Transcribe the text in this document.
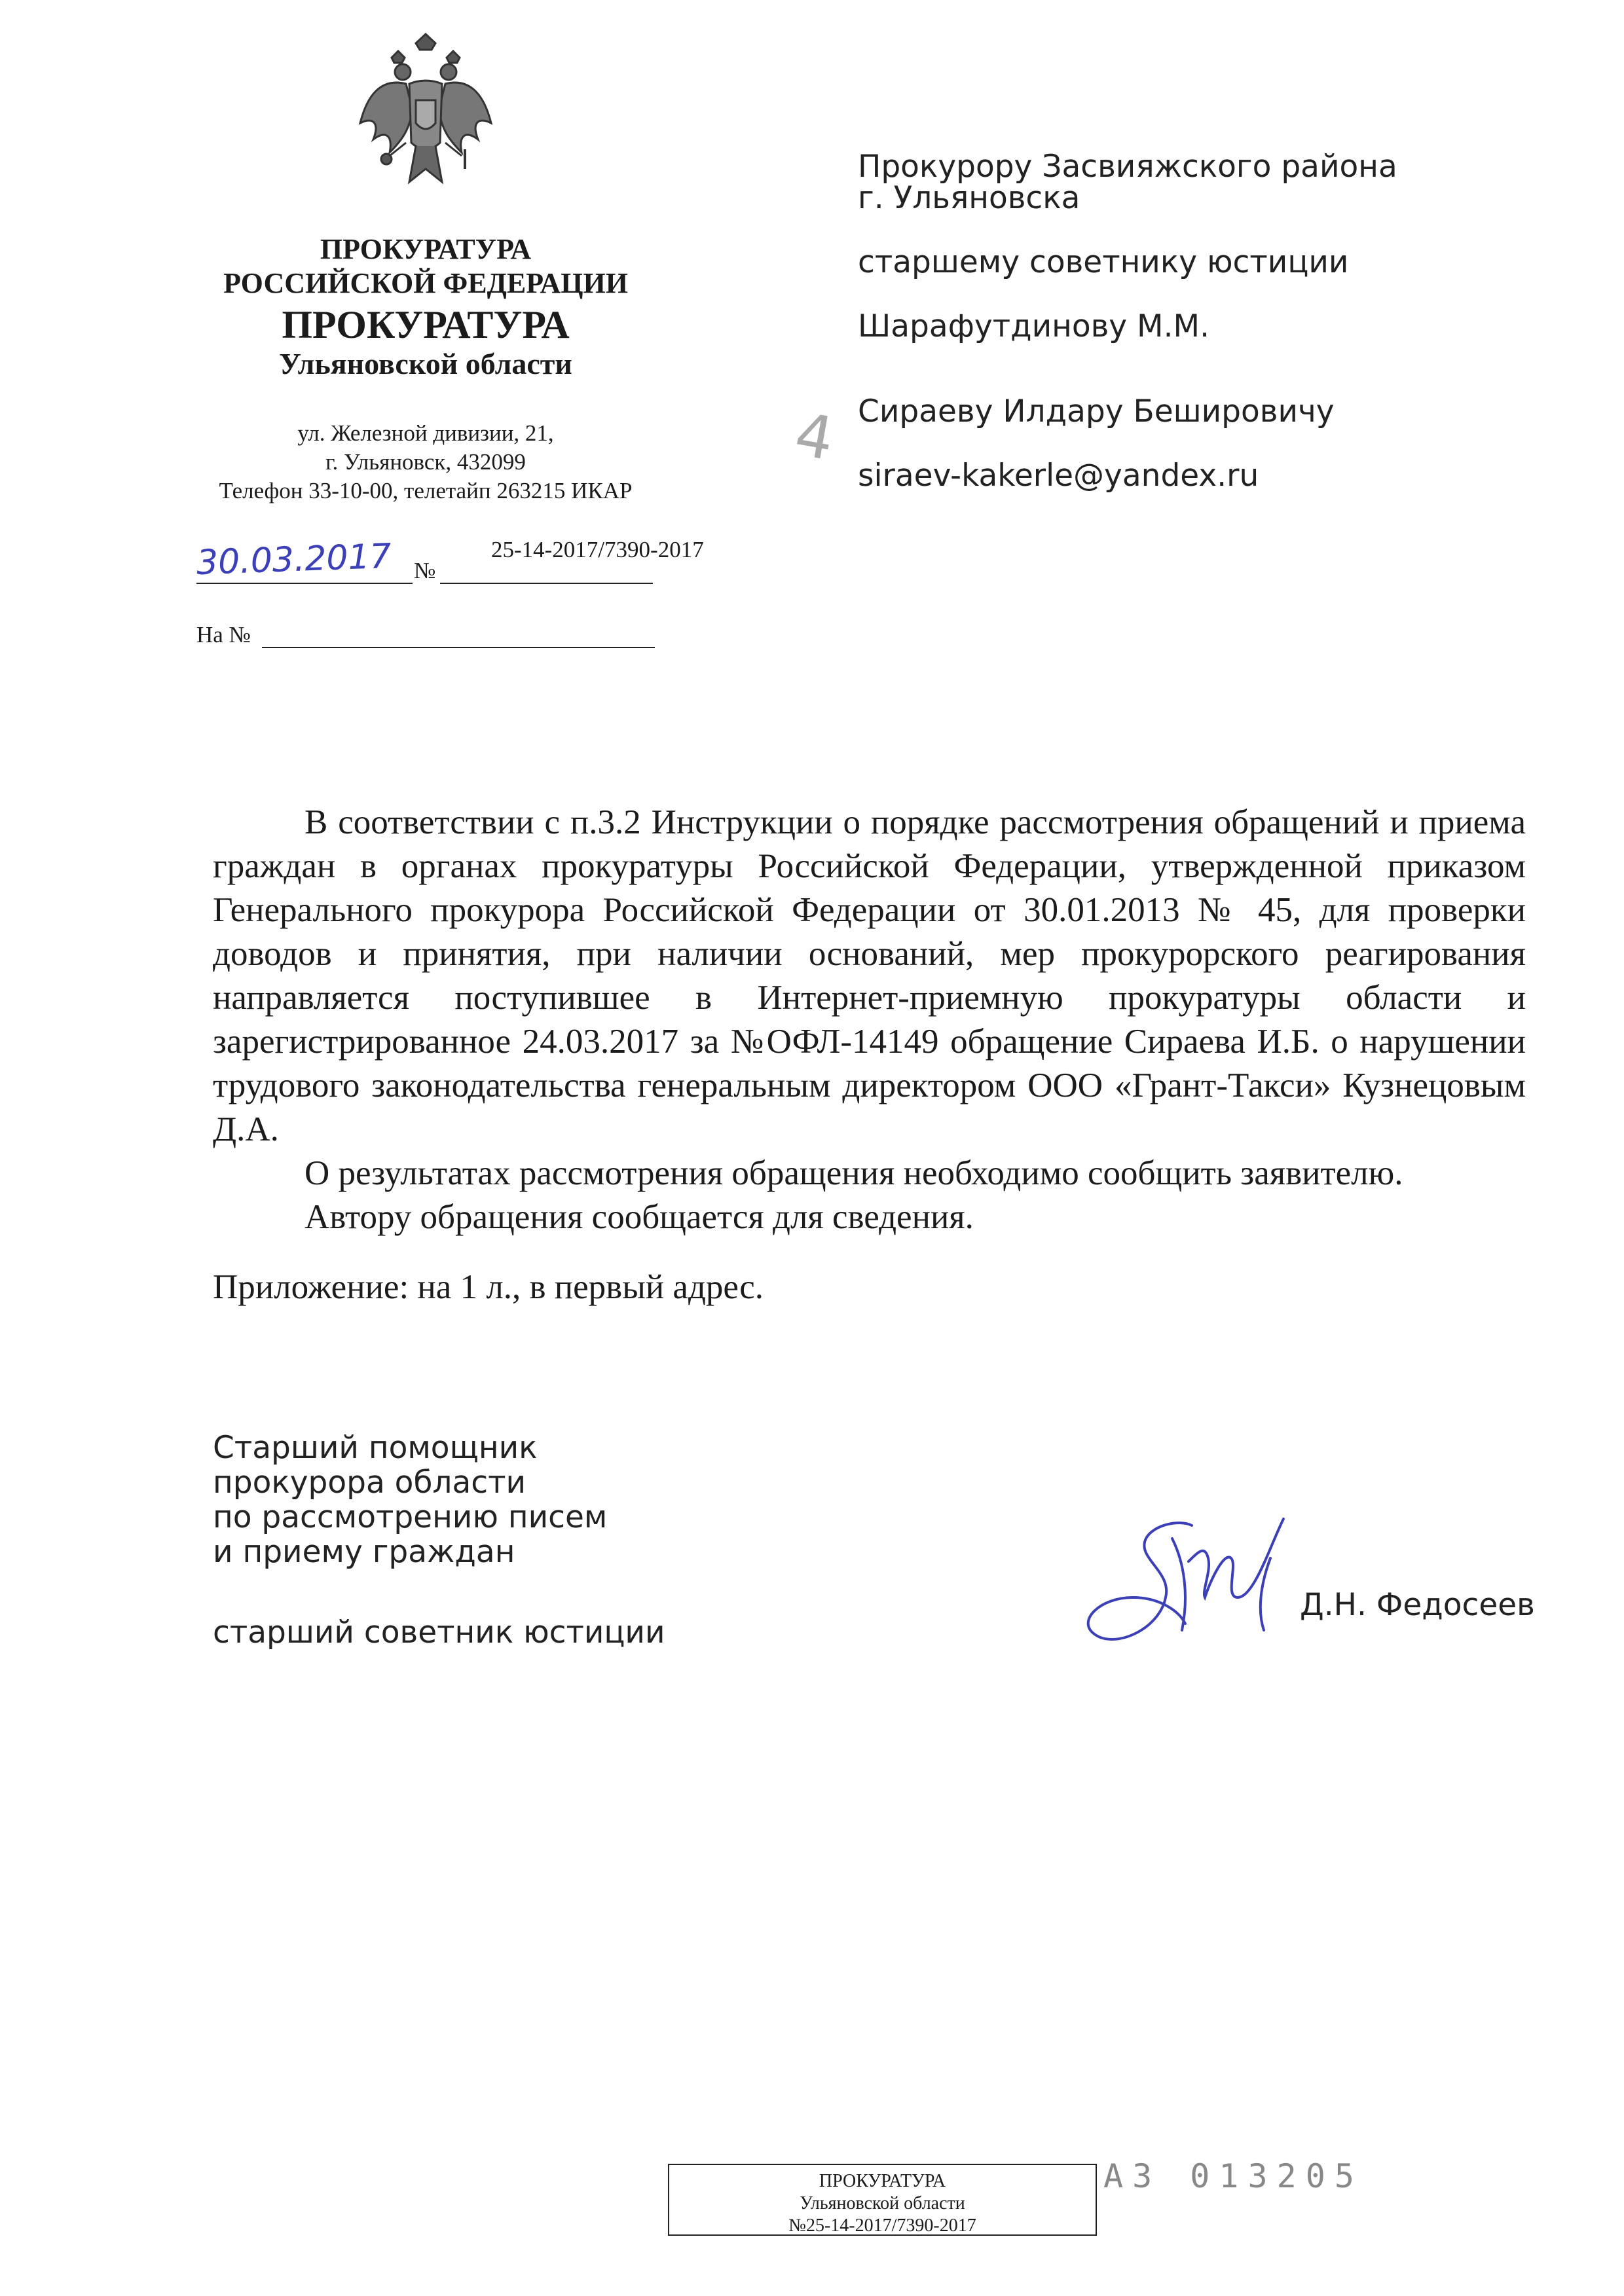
ПРОКУРАТУРА
РОССИЙСКОЙ ФЕДЕРАЦИИ
ПРОКУРАТУРА
Ульяновской области
ул. Железной дивизии, 21,
г. Ульяновск, 432099
Телефон 33-10-00, телетайп 263215 ИКАР
30.03.2017 №
25-14-2017/7390-2017
На №
Прокурору Засвияжского района
г. Ульяновска
старшему советнику юстиции
Шарафутдинову М.М.
Сираеву Илдару Бешировичу
siraev-kakerle@yandex.ru
4
В соответствии с п.3.2 Инструкции о порядке рассмотрения обращений и приема граждан в органах прокуратуры Российской Федерации, утвержденной приказом Генерального прокурора Российской Федерации от 30.01.2013 № 45, для проверки доводов и принятия, при наличии оснований, мер прокурорского реагирования направляется поступившее в Интернет-приемную прокуратуры области и зарегистрированное 24.03.2017 за №ОФЛ-14149 обращение Сираева И.Б. о нарушении трудового законодательства генеральным директором ООО «Грант-Такси» Кузнецовым Д.А.
О результатах рассмотрения обращения необходимо сообщить заявителю.
Автору обращения сообщается для сведения.
Приложение: на 1 л., в первый адрес.
Старший помощник
прокурора области
по рассмотрению писем
и приему граждан
старший советник юстиции
Д.Н. Федосеев
ПРОКУРАТУРА
Ульяновской области
№25-14-2017/7390-2017
АЗ 013205
